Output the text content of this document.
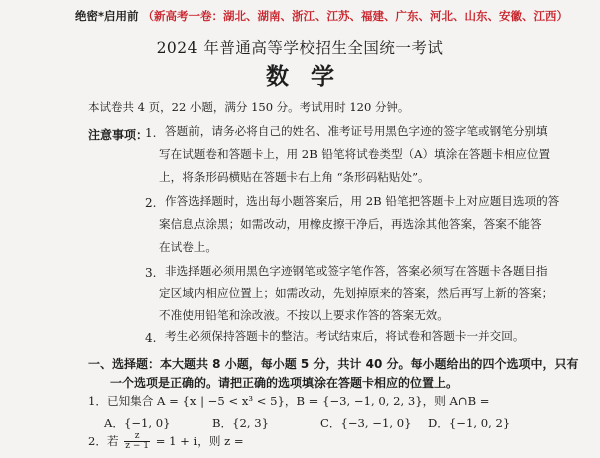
绝密*启用前 （新高考一卷：湖北、湖南、浙江、江苏、福建、广东、河北、山东、安徽、江西）
2024 年普通高等学校招生全国统一考试
数学
本试卷共 4 页，22 小题，满分 150 分。考试用时 120 分钟。
注意事项：
1. 答题前，请务必将自己的姓名、准考证号用黑色字迹的签字笔或钢笔分别填
写在试题卷和答题卡上，用 2B 铅笔将试卷类型（A）填涂在答题卡相应位置
上，将条形码横贴在答题卡右上角 “条形码粘贴处”。
2. 作答选择题时，选出每小题答案后，用 2B 铅笔把答题卡上对应题目选项的答
案信息点涂黑；如需改动，用橡皮擦干净后，再选涂其他答案，答案不能答
在试卷上。
3. 非选择题必须用黑色字迹钢笔或签字笔作答，答案必须写在答题卡各题目指
定区域内相应位置上；如需改动，先划掉原来的答案，然后再写上新的答案；
不准使用铅笔和涂改液。不按以上要求作答的答案无效。
4. 考生必须保持答题卡的整洁。考试结束后，将试卷和答题卡一并交回。
一、选择题：本大题共 8 小题，每小题 5 分，共计 40 分。每小题给出的四个选项中，只有
一个选项是正确的。请把正确的选项填涂在答题卡相应的位置上。
1．已知集合 A = {x | −5 < x³ < 5}，B = {−3, −1, 0, 2, 3}，则 A∩B =
A．{−1, 0}	B．{2, 3}	C．{−3, −1, 0} D．{−1, 0, 2}
2．若 $\frac{z}{z - 1} = 1 + i$，则 z =
